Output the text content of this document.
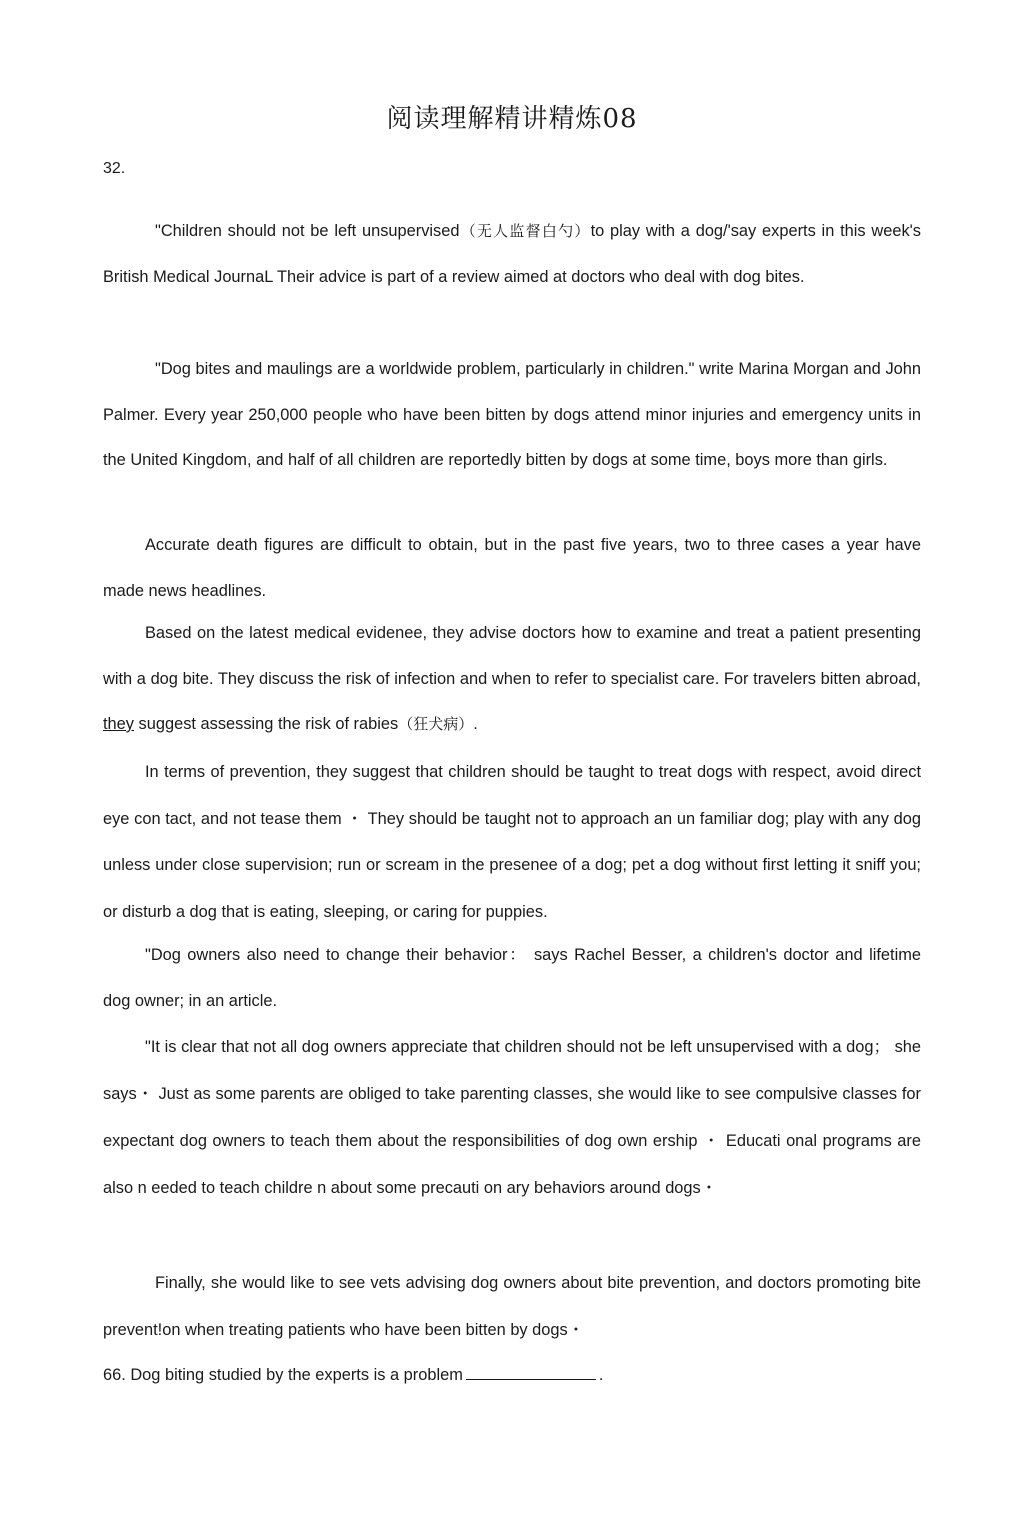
阅读理解精讲精炼08
32.

"Children should not be left unsupervised（无人监督白勺）to play with a dog/'say experts in this week's British Medical JournaL Their advice is part of a review aimed at doctors who deal with dog bites.

"Dog bites and maulings are a worldwide problem, particularly in children." write Marina Morgan and John Palmer. Every year 250,000 people who have been bitten by dogs attend minor injuries and emergency units in the United Kingdom, and half of all children are reportedly bitten by dogs at some time, boys more than girls.

Accurate death figures are difficult to obtain, but in the past five years, two to three cases a year have made news headlines.

Based on the latest medical evidenee, they advise doctors how to examine and treat a patient presenting with a dog bite. They discuss the risk of infection and when to refer to specialist care. For travelers bitten abroad, they suggest assessing the risk of rabies（狂犬病）.

In terms of prevention, they suggest that children should be taught to treat dogs with respect, avoid direct eye con tact, and not tease them ・ They should be taught not to approach an un familiar dog; play with any dog unless under close supervision; run or scream in the presenee of a dog; pet a dog without first letting it sniff you; or disturb a dog that is eating, sleeping, or caring for puppies.

"Dog owners also need to change their behavior： says Rachel Besser, a children's doctor and lifetime dog owner; in an article.

"It is clear that not all dog owners appreciate that children should not be left unsupervised with a dog； she says・ Just as some parents are obliged to take parenting classes, she would like to see compulsive classes for expectant dog owners to teach them about the responsibilities of dog own ership ・ Educati onal programs are also n eeded to teach childre n about some precauti on ary behaviors around dogs・

Finally, she would like to see vets advising dog owners about bite prevention, and doctors promoting bite prevent!on when treating patients who have been bitten by dogs・

66. Dog biting studied by the experts is a problem	.
